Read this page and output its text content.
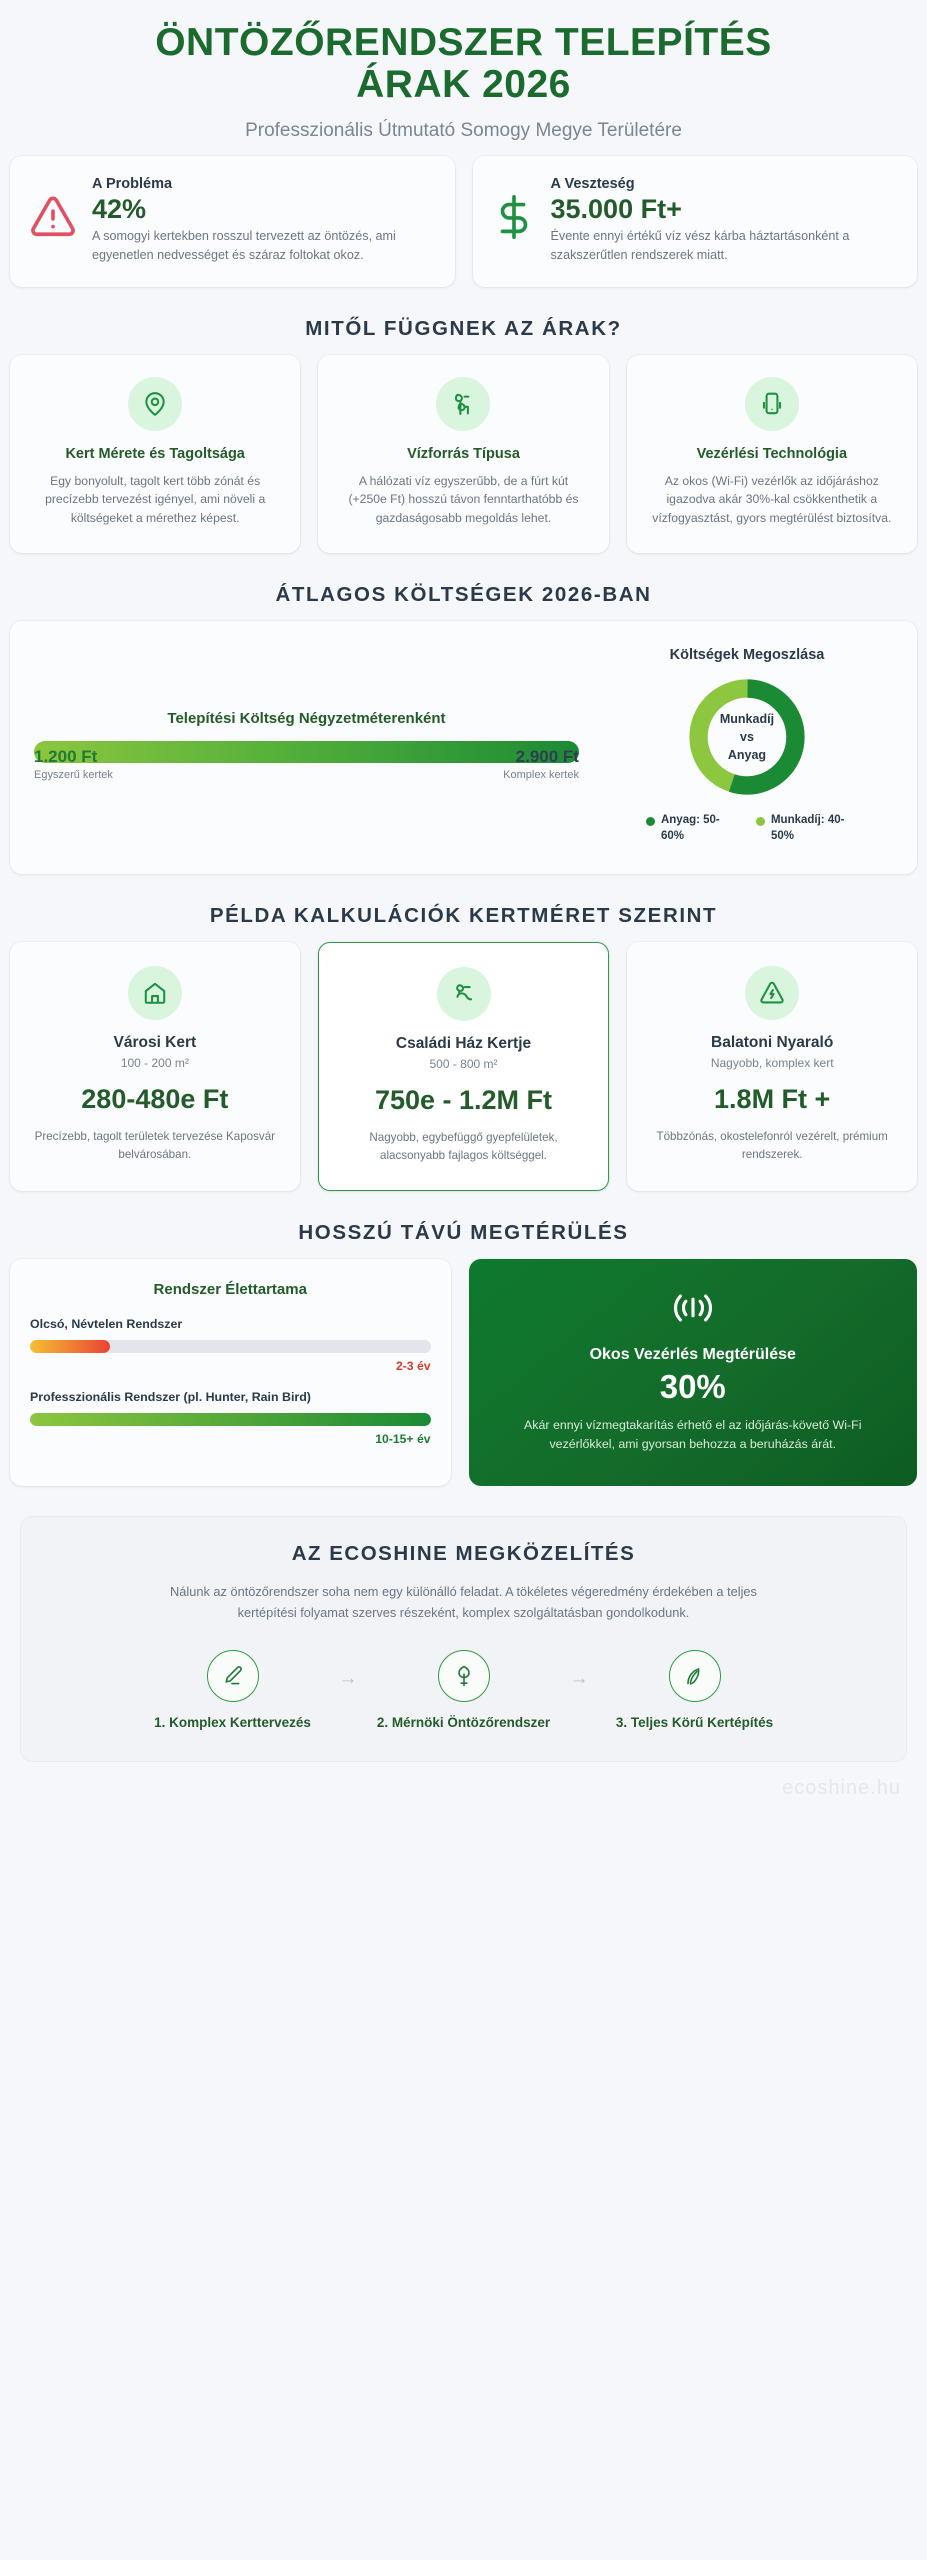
ÖNTÖZŐRENDSZER TELEPÍTÉS
ÁRAK 2026
Professzionális Útmutató Somogy Megye Területére
A Probléma
42%
A somogyi kertekben rosszul tervezett az öntözés, ami egyenetlen nedvességet és száraz foltokat okoz.
A Veszteség
35.000 Ft+
Évente ennyi értékű víz vész kárba háztartásonként a szakszerűtlen rendszerek miatt.
MITŐL FÜGGNEK AZ ÁRAK?
Kert Mérete és Tagoltsága

Egy bonyolult, tagolt kert több zónát és precízebb tervezést igényel, ami növeli a költségeket a mérethez képest.

Vízforrás Típusa

A hálózati víz egyszerűbb, de a fúrt kút (+250e Ft) hosszú távon fenntarthatóbb és gazdaságosabb megoldás lehet.

Vezérlési Technológia

Az okos (Wi-Fi) vezérlők az időjáráshoz igazodva akár 30%-kal csökkenthetik a vízfogyasztást, gyors megtérülést biztosítva.

ÁTLAGOS KÖLTSÉGEK 2026-BAN
Telepítési Költség Négyzetméterenként
1.200 Ft
Egyszerű kertek
2.900 Ft
Komplex kertek
Költségek Megoszlása
Munkadíj
vs
Anyag
Anyag: 50-60%
Munkadíj: 40-50%
PÉLDA KALKULÁCIÓK KERTMÉRET SZERINT
Városi Kert
100 - 200 m²
280-480e Ft
Precízebb, tagolt területek tervezése Kaposvár belvárosában.
Családi Ház Kertje
500 - 800 m²
750e - 1.2M Ft
Nagyobb, egybefüggő gyepfelületek, alacsonyabb fajlagos költséggel.
Balatoni Nyaraló
Nagyobb, komplex kert
1.8M Ft +
Többzónás, okostelefonról vezérelt, prémium rendszerek.
HOSSZÚ TÁVÚ MEGTÉRÜLÉS
Rendszer Élettartama
Olcsó, Névtelen Rendszer
2-3 év
Professzionális Rendszer (pl. Hunter, Rain Bird)
10-15+ év
Okos Vezérlés Megtérülése
30%

Akár ennyi vízmegtakarítás érhető el az időjárás-követő Wi-Fi vezérlőkkel, ami gyorsan behozza a beruházás árát.

AZ ECOSHINE MEGKÖZELÍTÉS
Nálunk az öntözőrendszer soha nem egy különálló feladat. A tökéletes végeredmény érdekében a teljes kertépítési folyamat szerves részeként, komplex szolgáltatásban gondolkodunk.
1. Komplex Kerttervezés
→
2. Mérnöki Öntözőrendszer
→
3. Teljes Körű Kertépítés
ecoshine.hu
